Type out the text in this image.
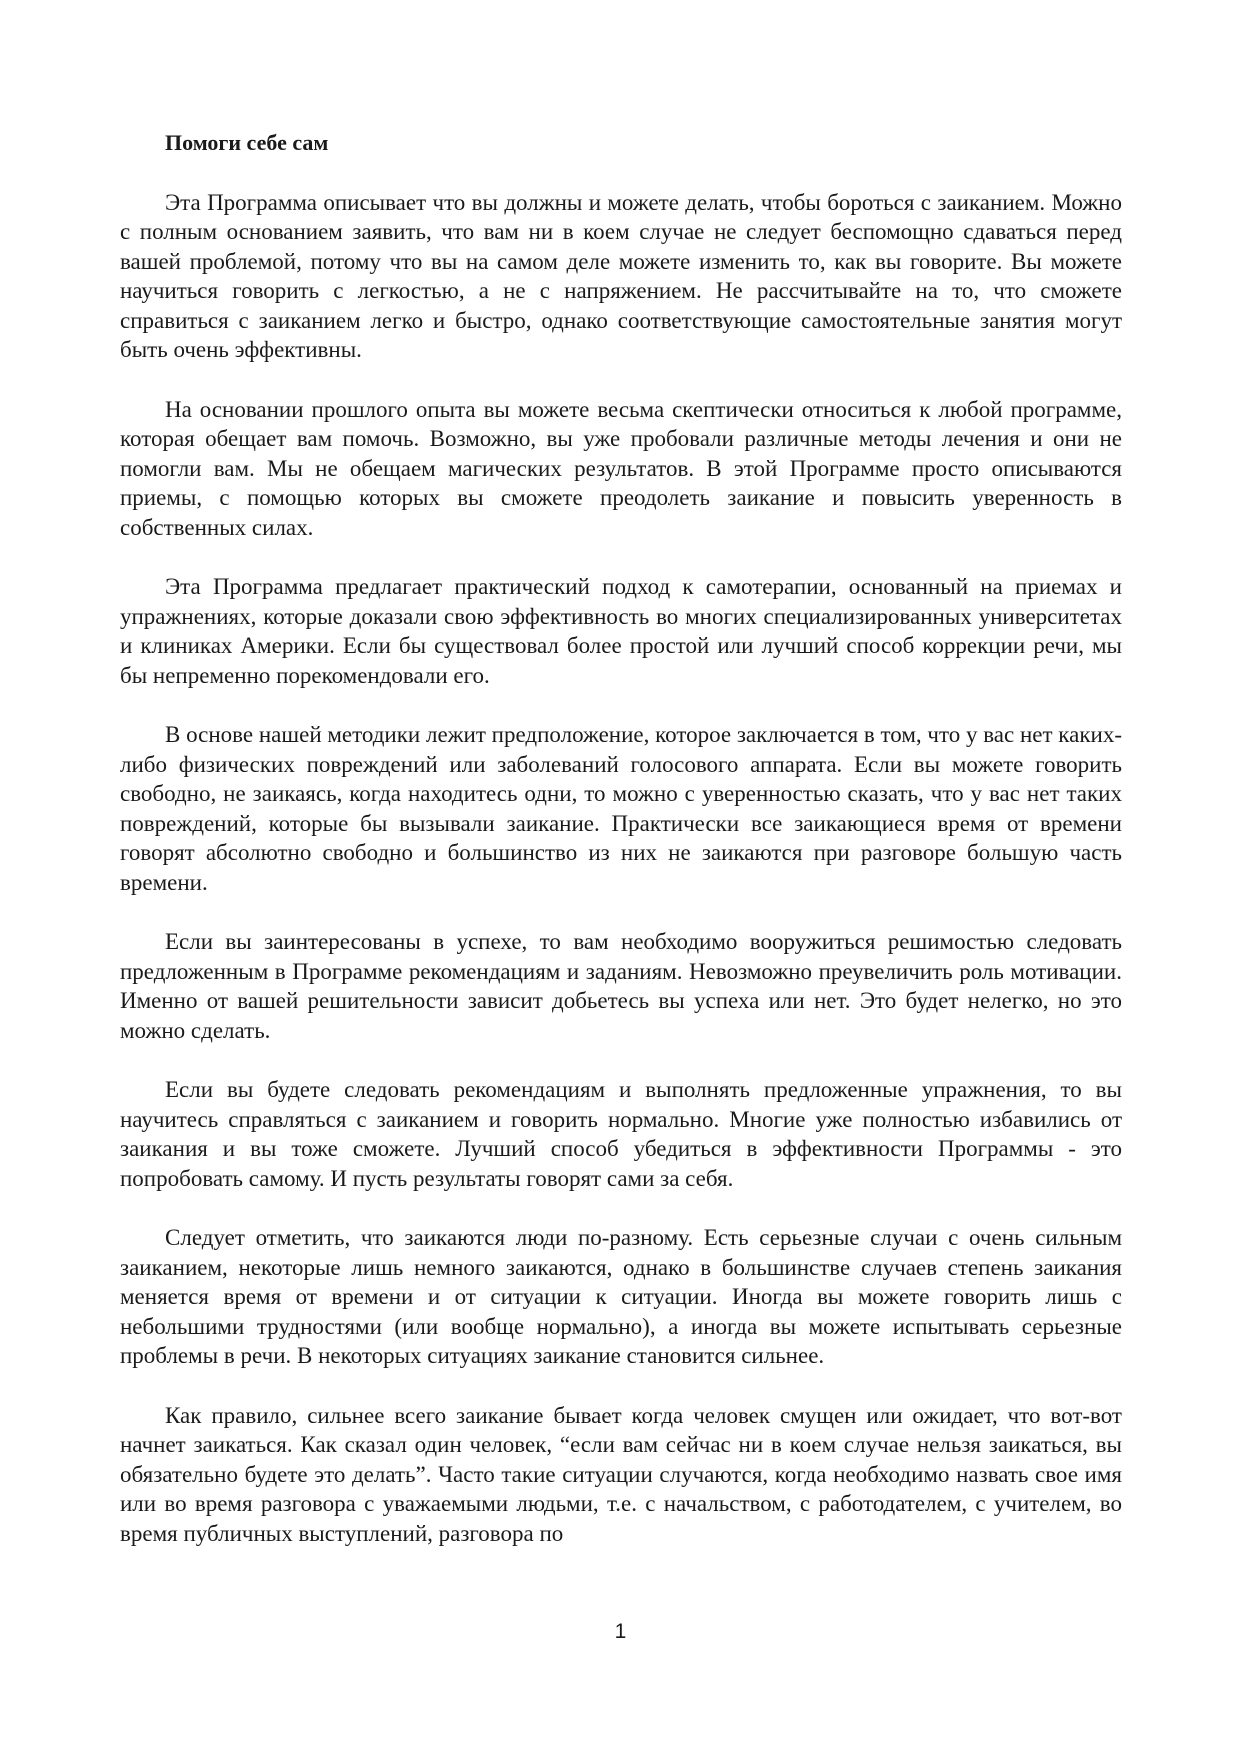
Помоги себе сам

Эта Программа описывает что вы должны и можете делать, чтобы бороться с заиканием. Можно с полным основанием заявить, что вам ни в коем случае не следует беспомощно сдаваться перед вашей проблемой, потому что вы на самом деле можете изменить то, как вы говорите. Вы можете научиться говорить с легкостью, а не с напряжением. Не рассчитывайте на то, что сможете справиться с заиканием легко и быстро, однако соответствующие самостоятельные занятия могут быть очень эффективны.

На основании прошлого опыта вы можете весьма скептически относиться к любой программе, которая обещает вам помочь. Возможно, вы уже пробовали различные методы лечения и они не помогли вам. Мы не обещаем магических результатов. В этой Программе просто описываются приемы, с помощью которых вы сможете преодолеть заикание и повысить уверенность в собственных силах.

Эта Программа предлагает практический подход к самотерапии, основанный на приемах и упражнениях, которые доказали свою эффективность во многих специализированных университетах и клиниках Америки. Если бы существовал более простой или лучший способ коррекции речи, мы бы непременно порекомендовали его.

В основе нашей методики лежит предположение, которое заключается в том, что у вас нет каких-либо физических повреждений или заболеваний голосового аппарата. Если вы можете говорить свободно, не заикаясь, когда находитесь одни, то можно с уверенностью сказать, что у вас нет таких повреждений, которые бы вызывали заикание. Практически все заикающиеся время от времени говорят абсолютно свободно и большинство из них не заикаются при разговоре большую часть времени.

Если вы заинтересованы в успехе, то вам необходимо вооружиться решимостью следовать предложенным в Программе рекомендациям и заданиям. Невозможно преувеличить роль мотивации. Именно от вашей решительности зависит добьетесь вы успеха или нет. Это будет нелегко, но это можно сделать.

Если вы будете следовать рекомендациям и выполнять предложенные упражнения, то вы научитесь справляться с заиканием и говорить нормально. Многие уже полностью избавились от заикания и вы тоже сможете. Лучший способ убедиться в эффективности Программы - это попробовать самому. И пусть результаты говорят сами за себя.

Следует отметить, что заикаются люди по-разному. Есть серьезные случаи с очень сильным заиканием, некоторые лишь немного заикаются, однако в большинстве случаев степень заикания меняется время от времени и от ситуации к ситуации. Иногда вы можете говорить лишь с небольшими трудностями (или вообще нормально), а иногда вы можете испытывать серьезные проблемы в речи. В некоторых ситуациях заикание становится сильнее.

Как правило, сильнее всего заикание бывает когда человек смущен или ожидает, что вот-вот начнет заикаться. Как сказал один человек, “если вам сейчас ни в коем случае нельзя заикаться, вы обязательно будете это делать”. Часто такие ситуации случаются, когда необходимо назвать свое имя или во время разговора с уважаемыми людьми, т.е. с начальством, с работодателем, с учителем, во время публичных выступлений, разговора по

1
